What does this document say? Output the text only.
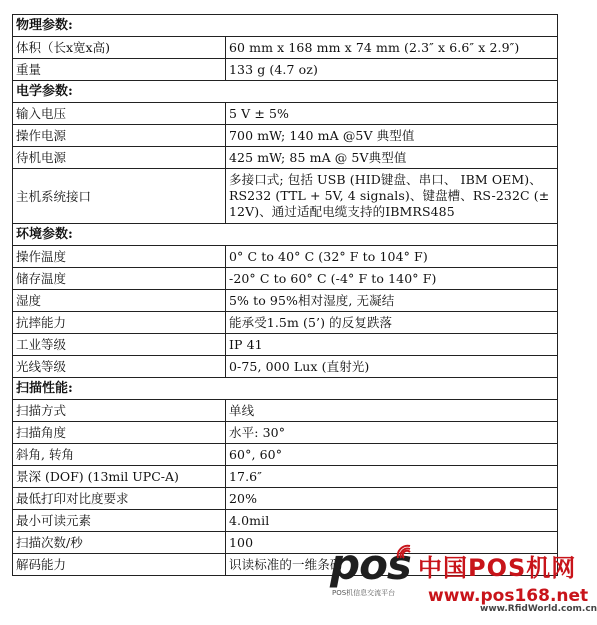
物理参数:	
体积（长x宽x高)	60 mm x 168 mm x 74 mm (2.3″ x 6.6″ x 2.9″)
重量	133 g (4.7 oz)
电学参数:	
输入电压	5 V ± 5%
操作电源	700 mW; 140 mA @5V 典型值
待机电源	425 mW; 85 mA @ 5V典型值
主机系统接口	多接口式; 包括 USB (HID键盘、串口、 IBM OEM)、RS232 (TTL + 5V, 4 signals)、键盘槽、RS-232C (± 12V)、通过适配电缆支持的IBMRS485
环境参数:	
操作温度	0° C to 40° C (32° F to 104° F)
储存温度	-20° C to 60° C (-4° F to 140° F)
湿度	5% to 95%相对湿度, 无凝结
抗摔能力	能承受1.5m (5’) 的反复跌落
工业等级	IP 41
光线等级	0-75, 000 Lux (直射光)
扫描性能:	
扫描方式	单线
扫描角度	水平: 30°
斜角, 转角	60°, 60°
景深 (DOF) (13mil UPC-A)	17.6″
最低打印对比度要求	20%
最小可读元素	4.0mil
扫描次数/秒	100
解码能力	识读标准的一维条码
pos 中国POS机网
POS机信息交流平台 www.pos168.net
www.RfidWorld.com.cn
